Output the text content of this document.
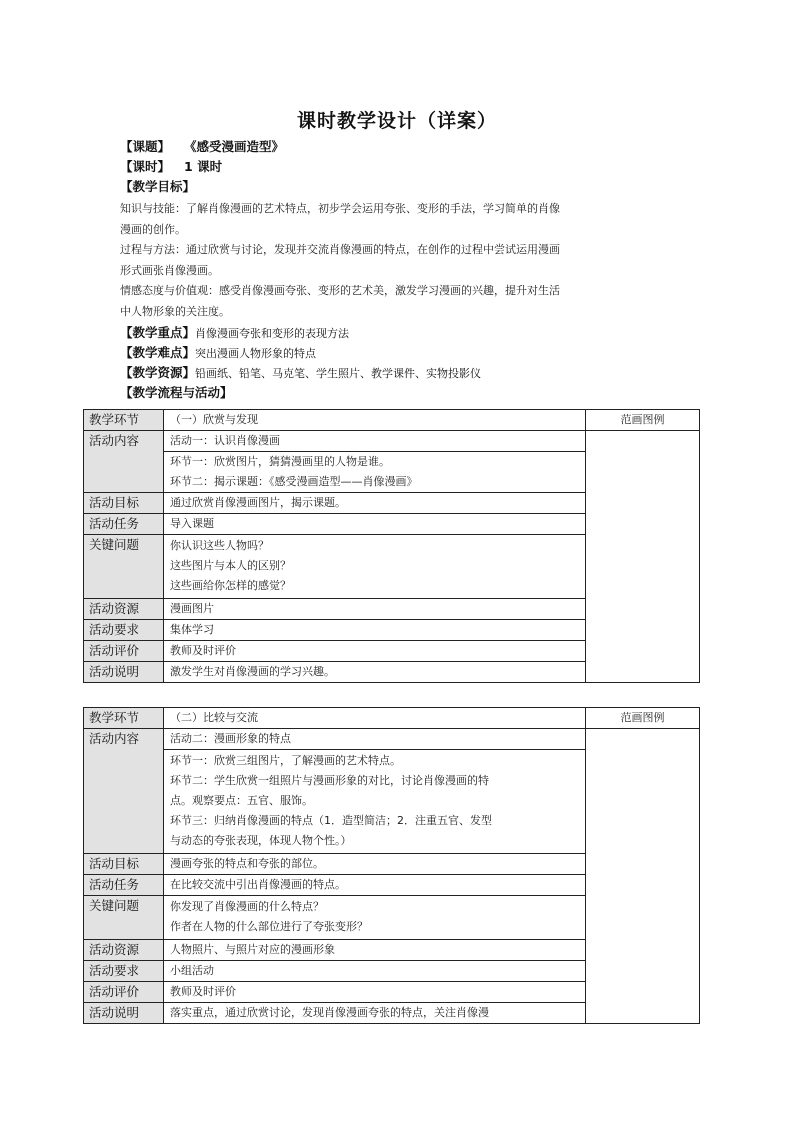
课时教学设计（详案）
【课题】 《感受漫画造型》
【课时】 1 课时
【教学目标】
知识与技能：了解肖像漫画的艺术特点，初步学会运用夸张、变形的手法，学习简单的肖像
漫画的创作。
过程与方法：通过欣赏与讨论，发现并交流肖像漫画的特点，在创作的过程中尝试运用漫画
形式画张肖像漫画。
情感态度与价值观：感受肖像漫画夸张、变形的艺术美，激发学习漫画的兴趣，提升对生活
中人物形象的关注度。
【教学重点】肖像漫画夸张和变形的表现方法
【教学难点】突出漫画人物形象的特点
【教学资源】铅画纸、铅笔、马克笔、学生照片、教学课件、实物投影仪
【教学流程与活动】
教学环节	（一）欣赏与发现	范画图例
活动内容	活动一：认识肖像漫画	
	环节一：欣赏图片，猜猜漫画里的人物是谁。	
	环节二：揭示课题：《感受漫画造型——肖像漫画》	
活动目标	通过欣赏肖像漫画图片，揭示课题。	
活动任务	导入课题	
关键问题	你认识这些人物吗？
这些图片与本人的区别？
这些画给你怎样的感觉？	

活动资源	漫画图片	
活动要求	集体学习	
活动评价	教师及时评价	
活动说明	激发学生对肖像漫画的学习兴趣。	
教学环节	（二）比较与交流	范画图例
活动内容	活动二：漫画形象的特点	

	环节一：欣赏三组图片，了解漫画的艺术特点。
环节二：学生欣赏一组照片与漫画形象的对比，讨论肖像漫画的特
点。观察要点：五官、服饰。
环节三：归纳肖像漫画的特点（1．造型简洁；2．注重五官、发型
与动态的夸张表现，体现人物个性。）	

活动目标	漫画夸张的特点和夸张的部位。	
活动任务	在比较交流中引出肖像漫画的特点。	
关键问题	你发现了肖像漫画的什么特点？
作者在人物的什么部位进行了夸张变形？	

活动资源	人物照片、与照片对应的漫画形象	
活动要求	小组活动	
活动评价	教师及时评价	
活动说明	落实重点，通过欣赏讨论，发现肖像漫画夸张的特点，关注肖像漫	
